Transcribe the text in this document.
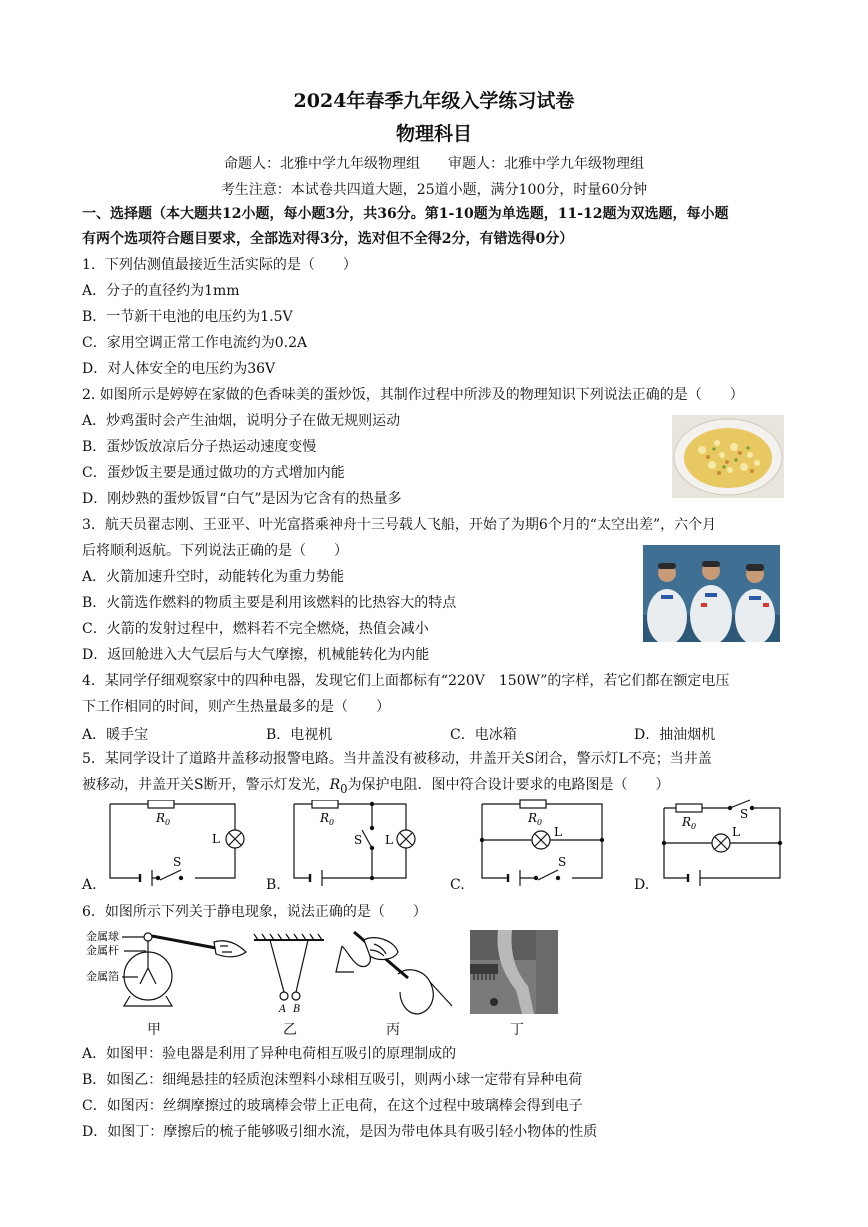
2024年春季九年级入学练习试卷
物理科目
命题人：北雅中学九年级物理组　　审题人：北雅中学九年级物理组
考生注意：本试卷共四道大题，25道小题，满分100分，时量60分钟
一、选择题（本大题共12小题，每小题3分，共36分。第1-10题为单选题，11-12题为双选题，每小题
有两个选项符合题目要求，全部选对得3分，选对但不全得2分，有错选得0分）
1．下列估测值最接近生活实际的是（　　）
A．分子的直径约为1mm
B．一节新干电池的电压约为1.5V
C．家用空调正常工作电流约为0.2A
D．对人体安全的电压约为36V
2. 如图所示是婷婷在家做的色香味美的蛋炒饭，其制作过程中所涉及的物理知识下列说法正确的是（　　）
A．炒鸡蛋时会产生油烟，说明分子在做无规则运动
B．蛋炒饭放凉后分子热运动速度变慢
C．蛋炒饭主要是通过做功的方式增加内能
D．刚炒熟的蛋炒饭冒“白气”是因为它含有的热量多
3．航天员翟志刚、王亚平、叶光富搭乘神舟十三号载人飞船，开始了为期6个月的“太空出差”，六个月
后将顺利返航。下列说法正确的是（　　）
A．火箭加速升空时，动能转化为重力势能
B．火箭选作燃料的物质主要是利用该燃料的比热容大的特点
C．火箭的发射过程中，燃料若不完全燃烧，热值会减小
D．返回舱进入大气层后与大气摩擦，机械能转化为内能
4．某同学仔细观察家中的四种电器，发现它们上面都标有“220V　150W”的字样，若它们都在额定电压
下工作相同的时间，则产生热量最多的是（　　）
A．暖手宝	B．电视机	C．电冰箱	D．抽油烟机
5．某同学设计了道路井盖移动报警电路。当井盖没有被移动，井盖开关S闭合，警示灯L不亮；当井盖
被移动，井盖开关S断开，警示灯发光，$R_0$为保护电阻．图中符合设计要求的电路图是（　　）
A.
$R_0$
L
S
B.
$R_0$
L
S
C.
$R_0$
L
S
D.
$R_0$	L
S
6．如图所示下列关于静电现象，说法正确的是（　　）
金属球
金属杆
金属箔
甲
A B
乙	丙	丁
A．如图甲：验电器是利用了异种电荷相互吸引的原理制成的
B．如图乙：细绳悬挂的轻质泡沫塑料小球相互吸引，则两小球一定带有异种电荷
C．如图丙：丝绸摩擦过的玻璃棒会带上正电荷，在这个过程中玻璃棒会得到电子
D．如图丁：摩擦后的梳子能够吸引细水流，是因为带电体具有吸引轻小物体的性质
